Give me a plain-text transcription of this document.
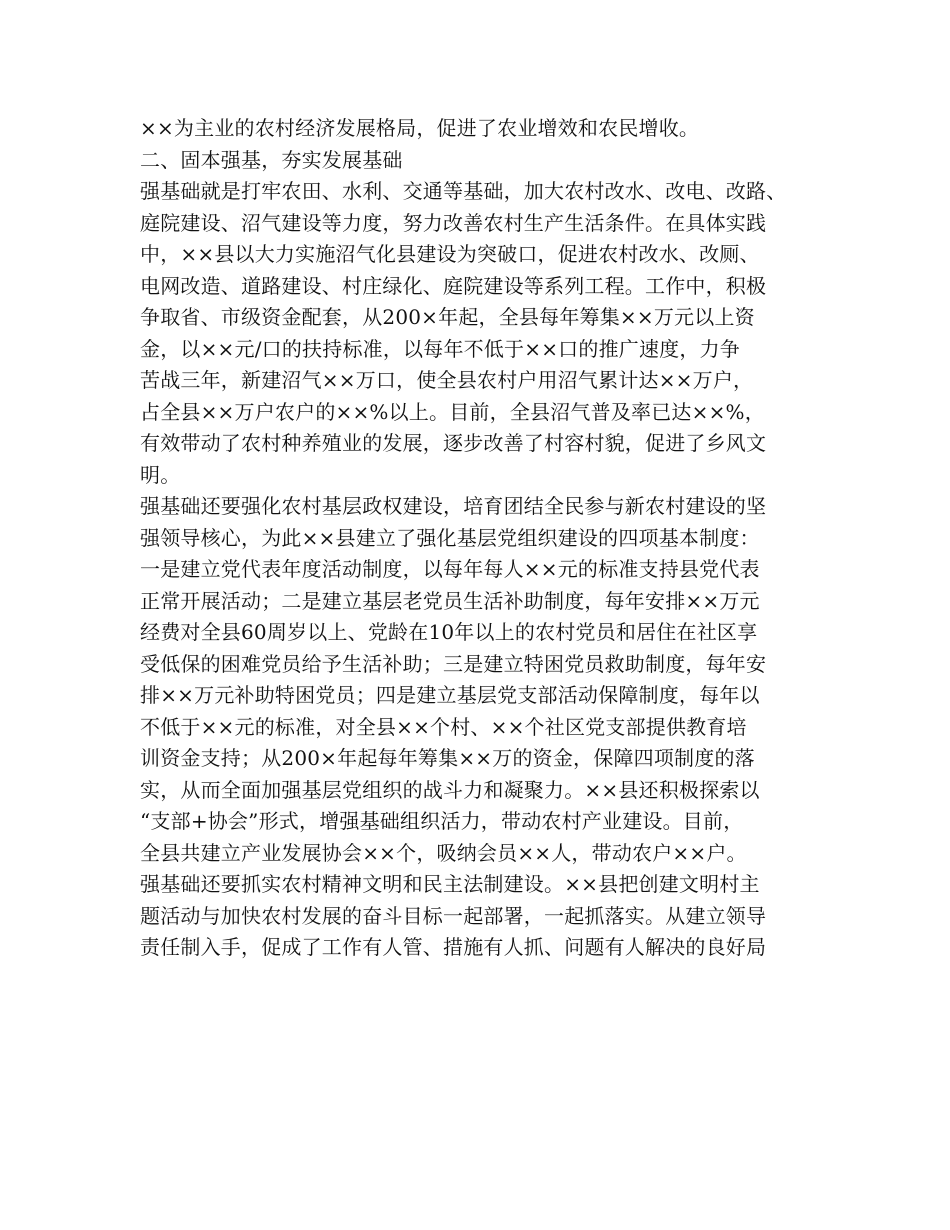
××为主业的农村经济发展格局，促进了农业增效和农民增收。
二、固本强基，夯实发展基础
强基础就是打牢农田、水利、交通等基础，加大农村改水、改电、改路、
庭院建设、沼气建设等力度，努力改善农村生产生活条件。在具体实践
中，××县以大力实施沼气化县建设为突破口，促进农村改水、改厕、
电网改造、道路建设、村庄绿化、庭院建设等系列工程。工作中，积极
争取省、市级资金配套，从200×年起，全县每年筹集××万元以上资
金，以××元/口的扶持标准，以每年不低于××口的推广速度，力争
苦战三年，新建沼气××万口，使全县农村户用沼气累计达××万户，
占全县××万户农户的××%以上。目前，全县沼气普及率已达××%，
有效带动了农村种养殖业的发展，逐步改善了村容村貌，促进了乡风文
明。
强基础还要强化农村基层政权建设，培育团结全民参与新农村建设的坚
强领导核心，为此××县建立了强化基层党组织建设的四项基本制度：
一是建立党代表年度活动制度，以每年每人××元的标准支持县党代表
正常开展活动；二是建立基层老党员生活补助制度，每年安排××万元
经费对全县60周岁以上、党龄在10年以上的农村党员和居住在社区享
受低保的困难党员给予生活补助；三是建立特困党员救助制度，每年安
排××万元补助特困党员；四是建立基层党支部活动保障制度，每年以
不低于××元的标准，对全县××个村、××个社区党支部提供教育培
训资金支持；从200×年起每年筹集××万的资金，保障四项制度的落
实，从而全面加强基层党组织的战斗力和凝聚力。××县还积极探索以
“支部+协会”形式，增强基础组织活力，带动农村产业建设。目前，
全县共建立产业发展协会××个，吸纳会员××人，带动农户××户。
强基础还要抓实农村精神文明和民主法制建设。××县把创建文明村主
题活动与加快农村发展的奋斗目标一起部署，一起抓落实。从建立领导
责任制入手，促成了工作有人管、措施有人抓、问题有人解决的良好局
